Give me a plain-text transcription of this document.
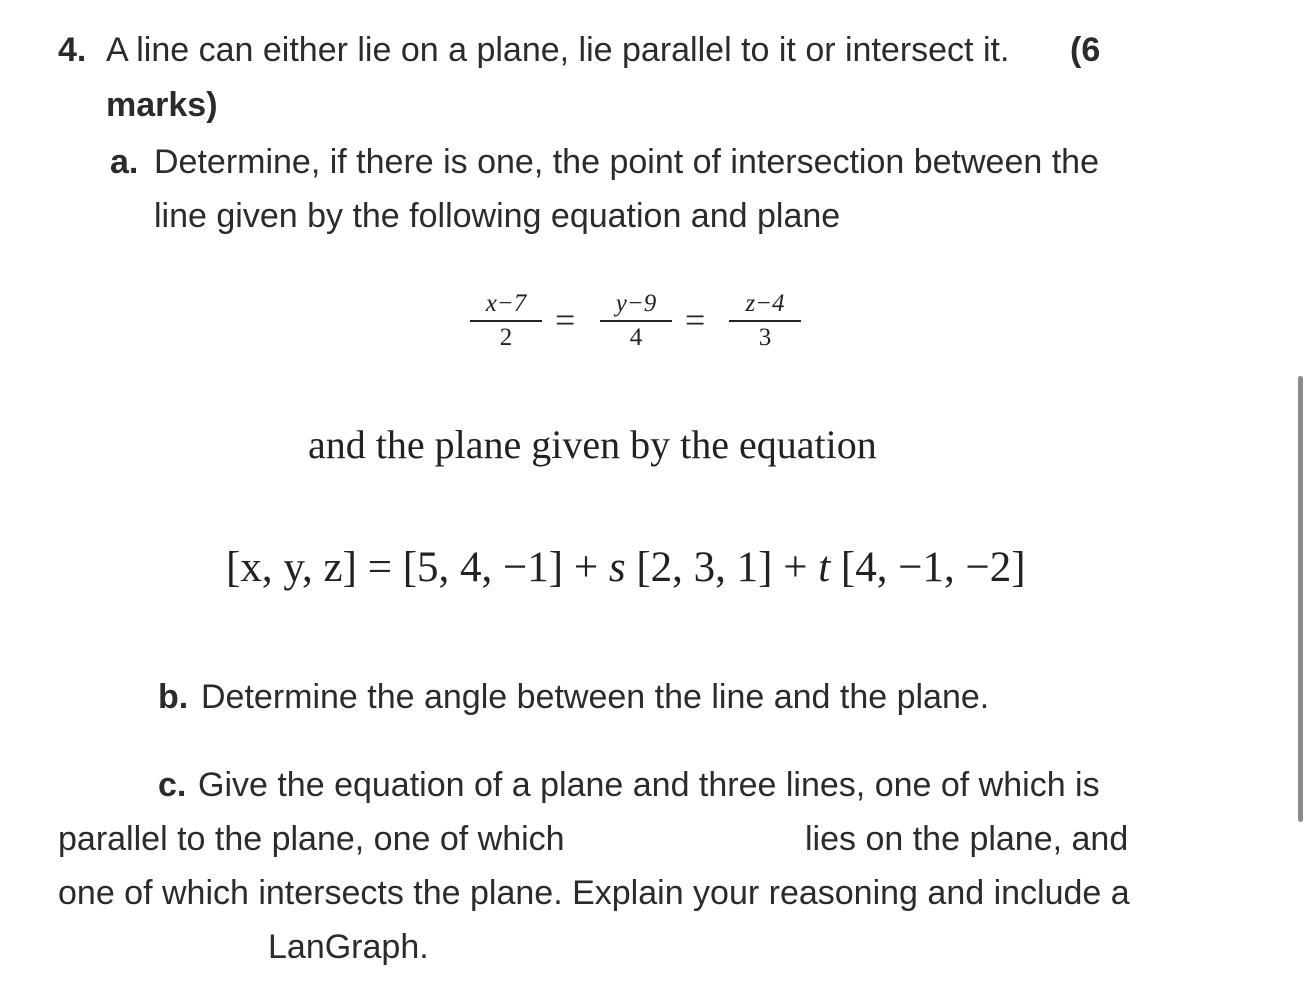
4. A line can either lie on a plane, lie parallel to it or intersect it. (6
marks)
a. Determine, if there is one, the point of intersection between the
line given by the following equation and plane
x−7
2	=	y−9
4	=	z−4
3
and the plane given by the equation
[x, y, z] = [5, 4, −1] + s [2, 3, 1] + t [4, −1, −2]
b. Determine the angle between the line and the plane.
c. Give the equation of a plane and three lines, one of which is
parallel to the plane, one of which	lies on the plane, and
one of which intersects the plane. Explain your reasoning and include a
LanGraph.
